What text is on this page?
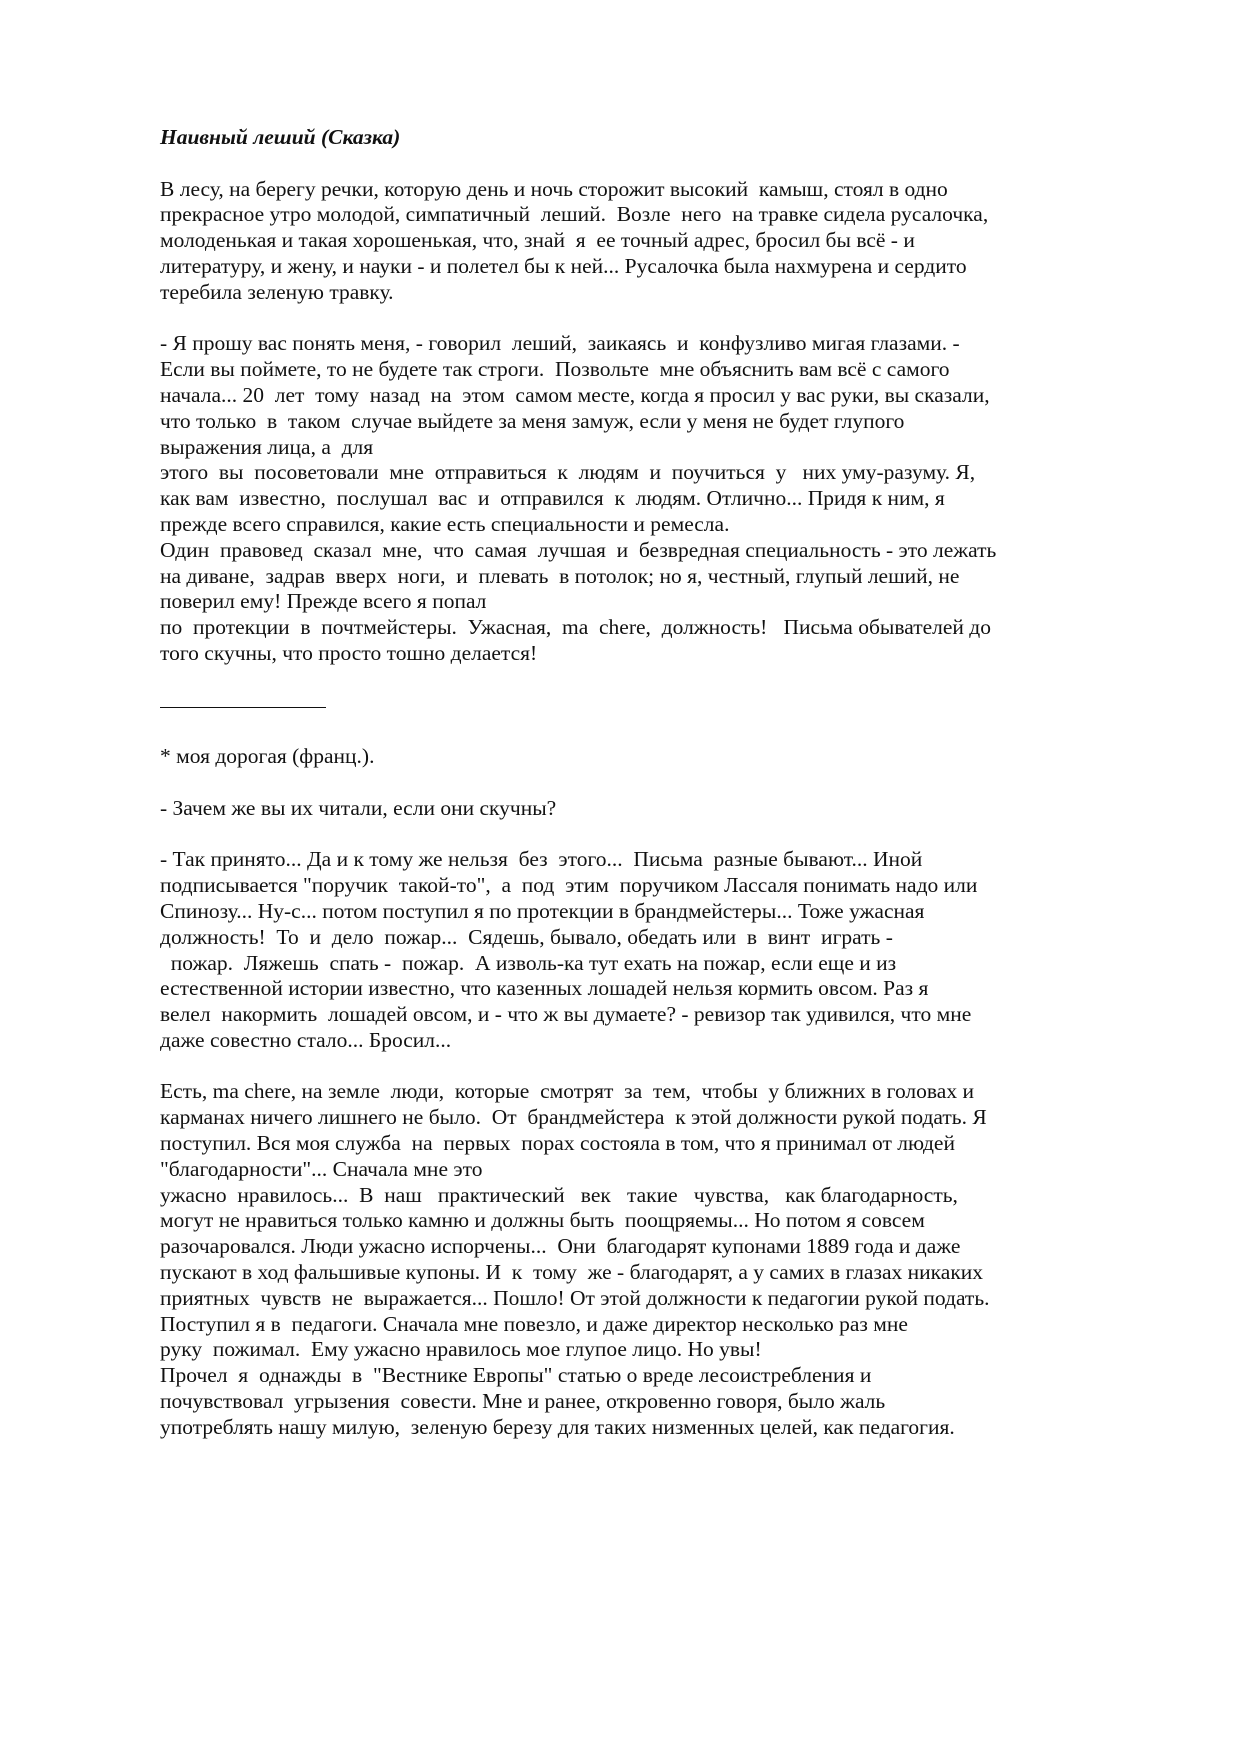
Наивный леший (Сказка)
В лесу, на берегу речки, которую день и ночь сторожит высокий  камыш, стоял в одно
прекрасное утро молодой, симпатичный  леший.  Возле  него  на травке сидела русалочка,
молоденькая и такая хорошенькая, что, знай  я  ее точный адрес, бросил бы всё - и
литературу, и жену, и науки - и полетел бы к ней... Русалочка была нахмурена и сердито
теребила зеленую травку.
- Я прошу вас понять меня, - говорил  леший,  заикаясь  и  конфузливо мигая глазами. -
Если вы поймете, то не будете так строги.  Позвольте  мне объяснить вам всё с самого
начала... 20  лет  тому  назад  на  этом  самом месте, когда я просил у вас руки, вы сказали,
что только  в  таком  случае выйдете за меня замуж, если у меня не будет глупого
выражения лица, а  для
этого  вы  посоветовали  мне  отправиться  к  людям  и  поучиться  у   них уму-разуму. Я,
как вам  известно,  послушал  вас  и  отправился  к  людям. Отлично... Придя к ним, я
прежде всего справился, какие есть специальности и ремесла.
Один  правовед  сказал  мне,  что  самая  лучшая  и  безвредная специальность - это лежать
на диване,  задрав  вверх  ноги,  и  плевать  в потолок; но я, честный, глупый леший, не
поверил ему! Прежде всего я попал
по  протекции  в  почтмейстеры.  Ужасная,  ma  chere,  должность!   Письма обывателей до
того скучны, что просто тошно делается!
* моя дорогая (франц.).
- Зачем же вы их читали, если они скучны?
- Так принято... Да и к тому же нельзя  без  этого...  Письма  разные бывают... Иной
подписывается "поручик  такой-то",  а  под  этим  поручиком Лассаля понимать надо или
Спинозу... Ну-с... потом поступил я по протекции в брандмейстеры... Тоже ужасная
должность!  То  и  дело  пожар...  Сядешь, бывало, обедать или  в  винт  играть -
пожар.  Ляжешь  спать -  пожар.  А изволь-ка тут ехать на пожар, если еще и из
естественной истории известно, что казенных лошадей нельзя кормить овсом. Раз я
велел  накормить  лошадей овсом, и - что ж вы думаете? - ревизор так удивился, что мне
даже совестно стало... Бросил...
Есть, ma chere, на земле  люди,  которые  смотрят  за  тем,  чтобы  у ближних в головах и
карманах ничего лишнего не было.  От  брандмейстера  к этой должности рукой подать. Я
поступил. Вся моя служба  на  первых  порах состояла в том, что я принимал от людей
"благодарности"... Сначала мне это
ужасно  нравилось...  В  наш   практический   век   такие   чувства,   как благодарность,
могут не нравиться только камню и должны быть  поощряемы... Но потом я совсем
разочаровался. Люди ужасно испорчены...  Они  благодарят купонами 1889 года и даже
пускают в ход фальшивые купоны. И  к  тому  же - благодарят, а у самих в глазах никаких
приятных  чувств  не  выражается... Пошло! От этой должности к педагогии рукой подать.
Поступил я в  педагоги. Сначала мне повезло, и даже директор несколько раз мне
руку  пожимал.  Ему ужасно нравилось мое глупое лицо. Но увы!
Прочел  я  однажды  в  "Вестнике Европы" статью о вреде лесоистребления и
почувствовал  угрызения  совести. Мне и ранее, откровенно говоря, было жаль
употреблять нашу милую,  зеленую березу для таких низменных целей, как педагогия.
